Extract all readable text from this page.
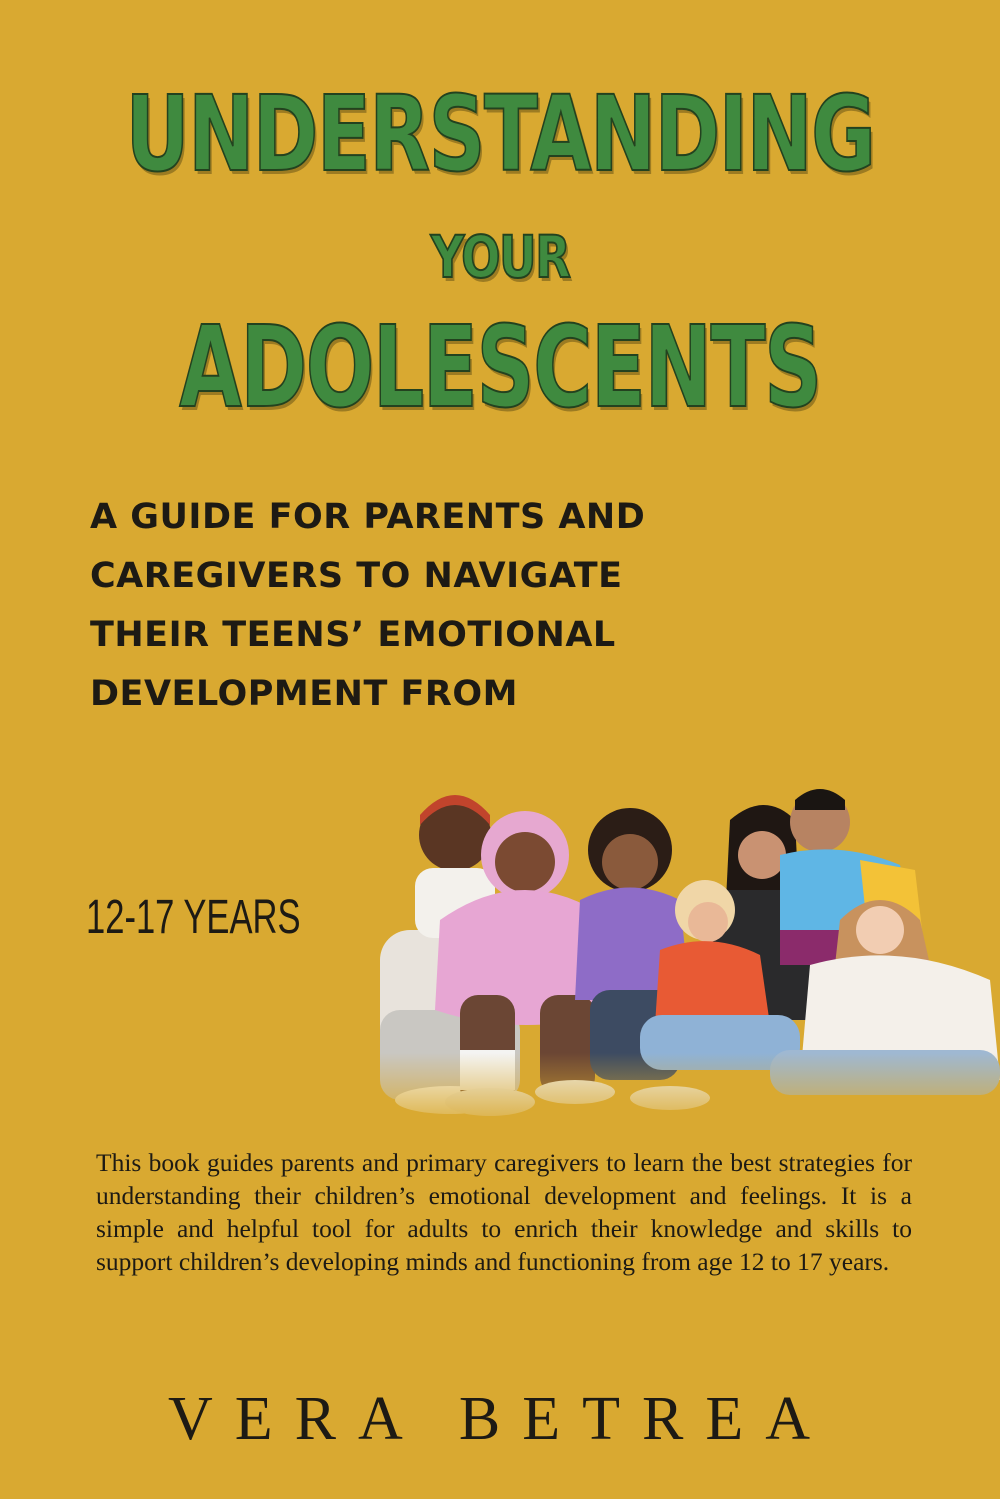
UNDERSTANDING
YOUR
ADOLESCENTS
A GUIDE FOR PARENTS AND
CAREGIVERS TO NAVIGATE
THEIR TEENS’ EMOTIONAL
DEVELOPMENT FROM
12-17 YEARS
This book guides parents and primary caregivers to learn the best strategies for understanding their children’s emotional development and feelings. It is a simple and helpful tool for adults to enrich their knowledge and skills to support children’s developing minds and functioning from age 12 to 17 years.
VERA BETREA
